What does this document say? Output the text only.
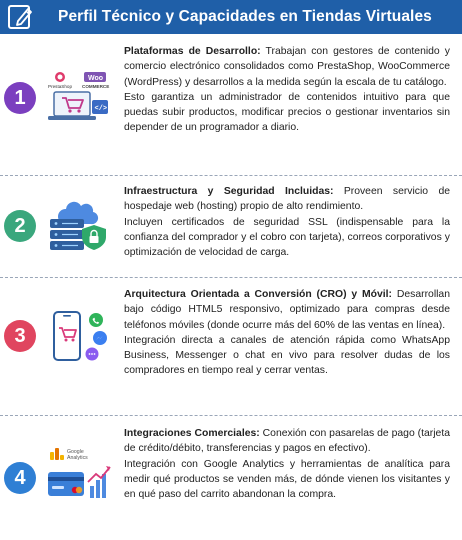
Perfil Técnico y Capacidades en Tiendas Virtuales
1
PrestaShop
Woo
COMMERCE
</>

Plataformas de Desarrollo: Trabajan con gestores de contenido y comercio electrónico consolidados como PrestaShop, WooCommerce (WordPress) y desarrollos a la medida según la escala de tu catálogo.

Esto garantiza un administrador de contenidos intuitivo para que puedas subir productos, modificar precios o gestionar inventarios sin depender de un programador a diario.

2

Infraestructura y Seguridad Incluidas: Proveen servicio de hospedaje web (hosting) propio de alto rendimiento.

Incluyen certificados de seguridad SSL (indispensable para la confianza del comprador y el cobro con tarjeta), correos corporativos y optimización de velocidad de carga.

3

Arquitectura Orientada a Conversión (CRO) y Móvil: Desarrollan bajo código HTML5 responsivo, optimizado para compras desde teléfonos móviles (donde ocurre más del 60% de las ventas en línea).

Integración directa a canales de atención rápida como WhatsApp Business, Messenger o chat en vivo para resolver dudas de los compradores en tiempo real y cerrar ventas.

4
Google
Analytics

Integraciones Comerciales: Conexión con pasarelas de pago (tarjeta de crédito/débito, transferencias y pagos en efectivo).

Integración con Google Analytics y herramientas de analítica para medir qué productos se venden más, de dónde vienen los visitantes y en qué paso del carrito abandonan la compra.
